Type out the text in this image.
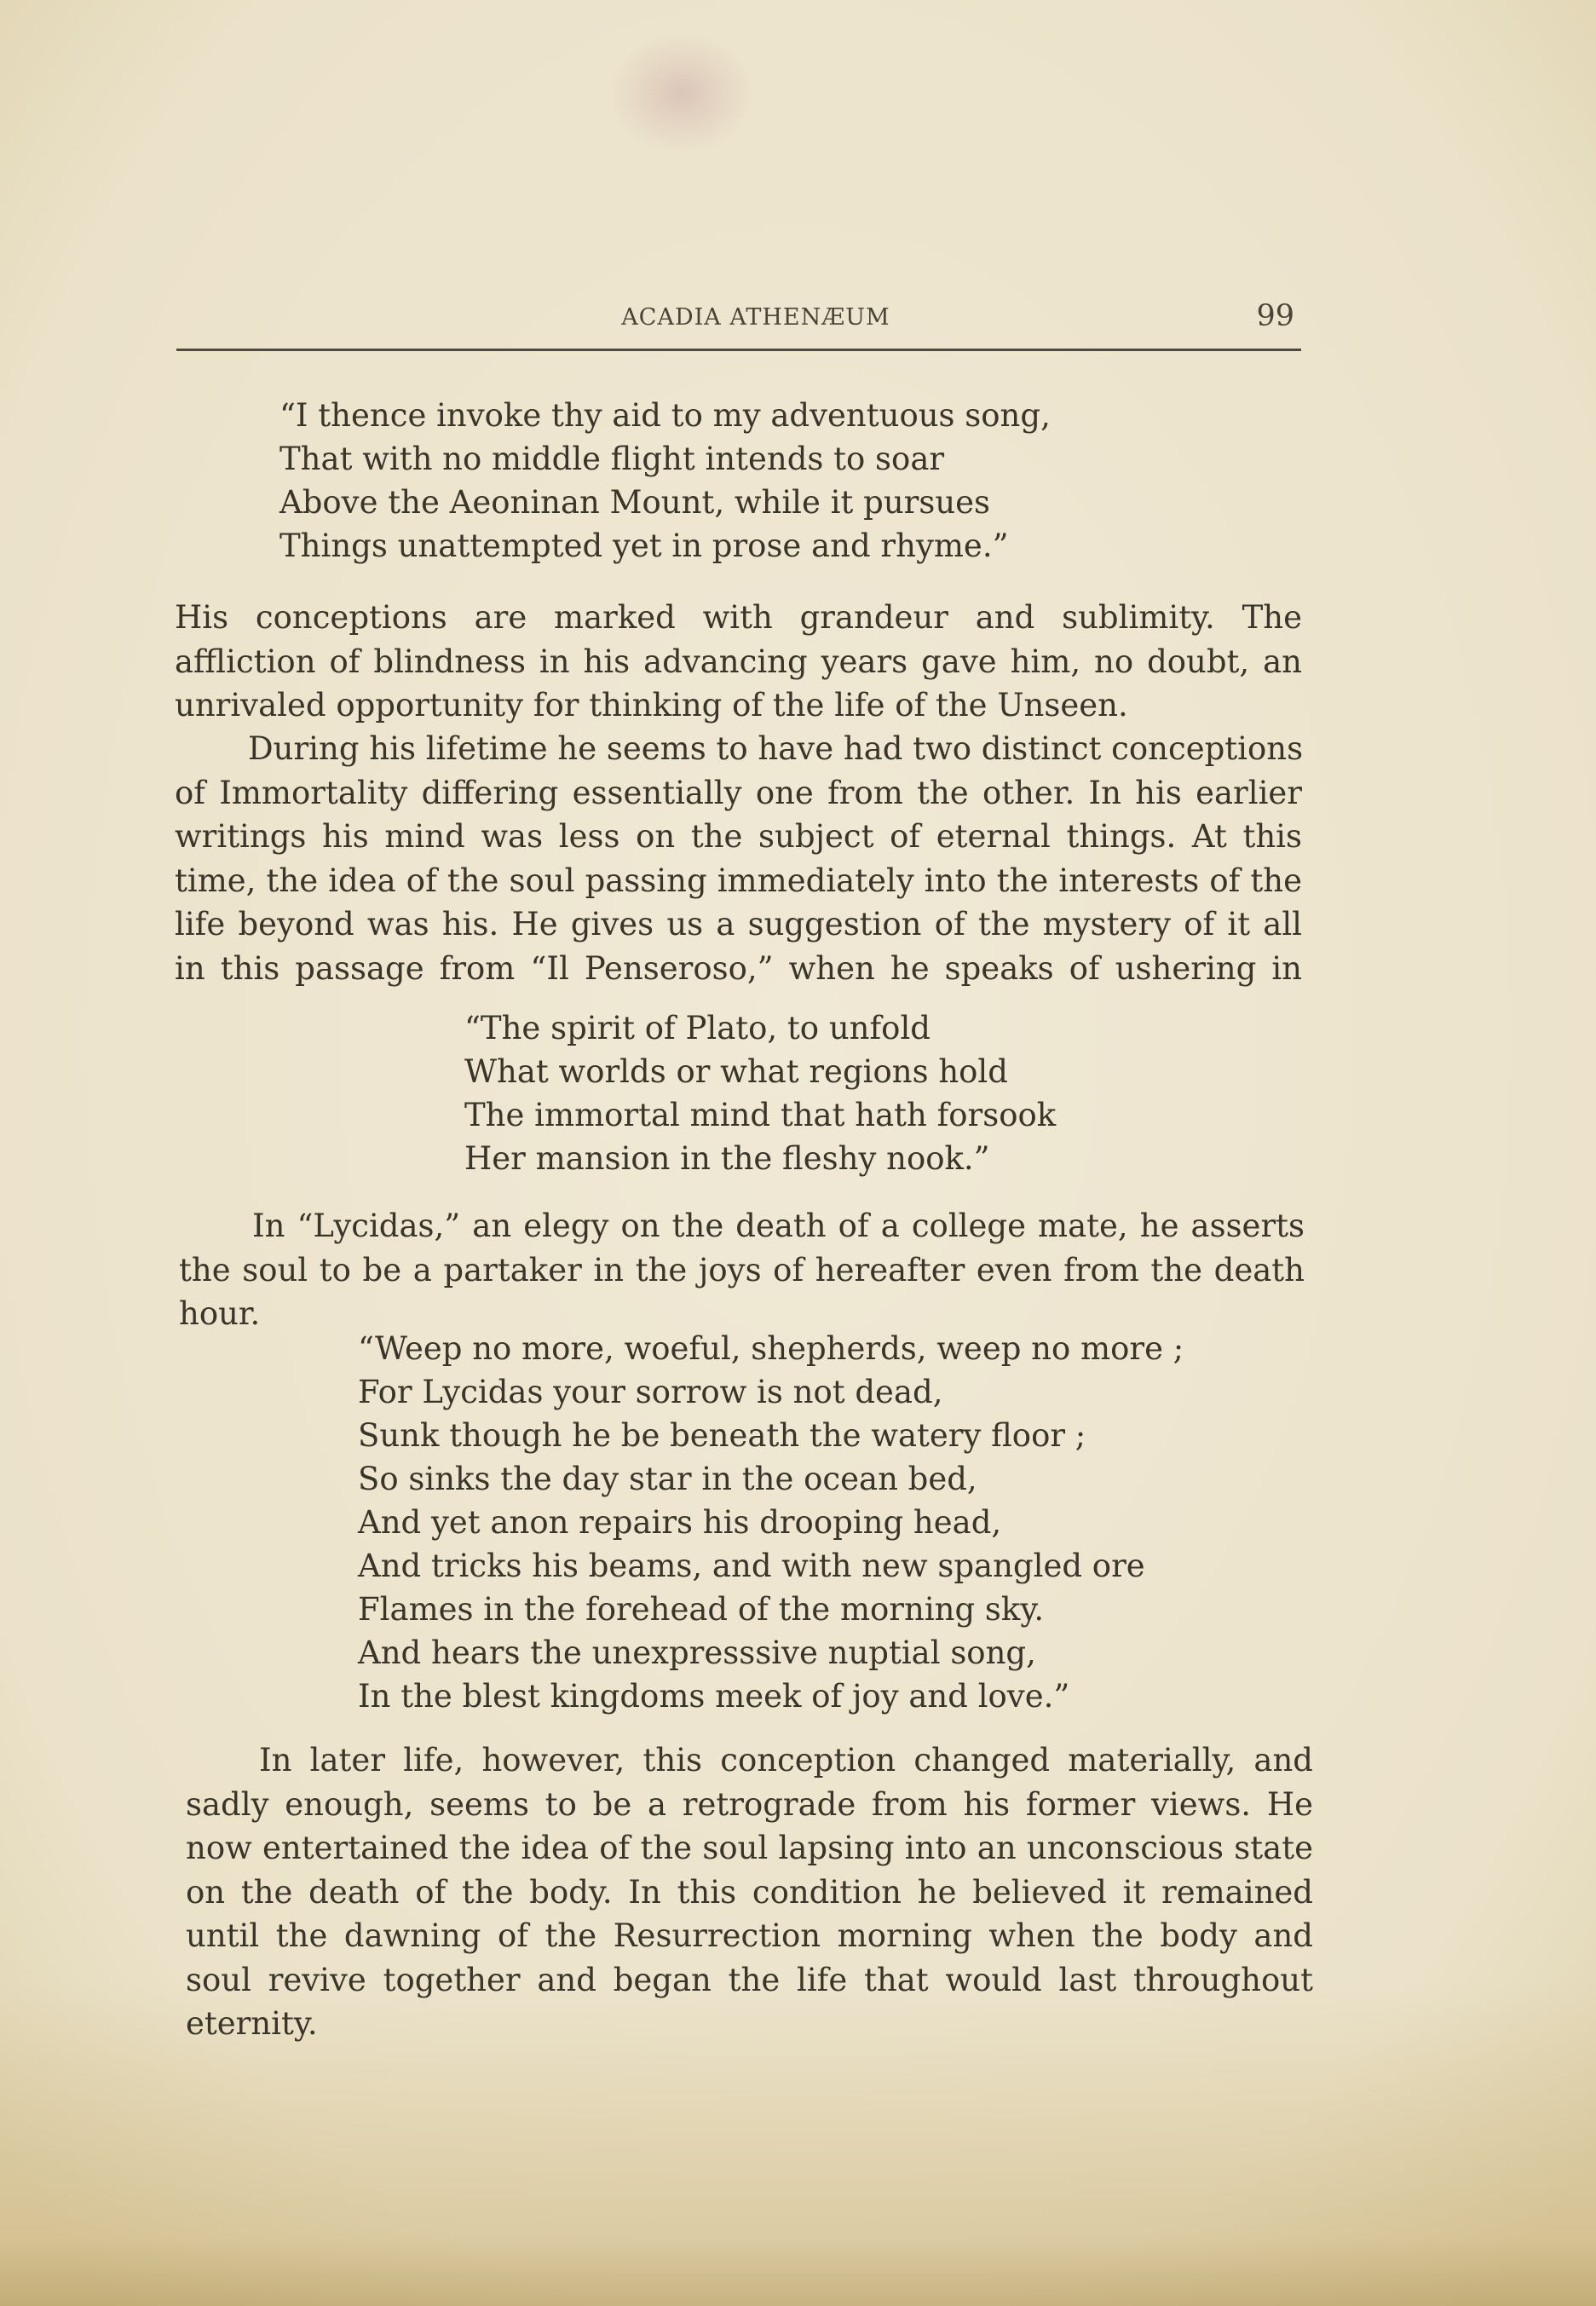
ACADIA ATHENÆUM	99
“I thence invoke thy aid to my adventuous song,
That with no middle flight intends to soar
Above the Aeoninan Mount, while it pursues
Things unattempted yet in prose and rhyme.”
His conceptions are marked with grandeur and sublimity. The
affliction of blindness in his advancing years gave him, no doubt, an
unrivaled opportunity for thinking of the life of the Unseen.
During his lifetime he seems to have had two distinct conceptions
of Immortality differing essentially one from the other. In his earlier
writings his mind was less on the subject of eternal things. At this
time, the idea of the soul passing immediately into the interests of the
life beyond was his. He gives us a suggestion of the mystery of it all
in this passage from “Il Penseroso,” when he speaks of ushering in
“The spirit of Plato, to unfold
What worlds or what regions hold
The immortal mind that hath forsook
Her mansion in the fleshy nook.”
In “Lycidas,” an elegy on the death of a college mate, he asserts
the soul to be a partaker in the joys of hereafter even from the death
hour.
“Weep no more, woeful, shepherds, weep no more ;
For Lycidas your sorrow is not dead,
Sunk though he be beneath the watery floor ;
So sinks the day star in the ocean bed,
And yet anon repairs his drooping head,
And tricks his beams, and with new spangled ore
Flames in the forehead of the morning sky.
And hears the unexpresssive nuptial song,
In the blest kingdoms meek of joy and love.”
In later life, however, this conception changed materially, and
sadly enough, seems to be a retrograde from his former views. He
now entertained the idea of the soul lapsing into an unconscious state
on the death of the body. In this condition he believed it remained
until the dawning of the Resurrection morning when the body and
soul revive together and began the life that would last throughout
eternity.
